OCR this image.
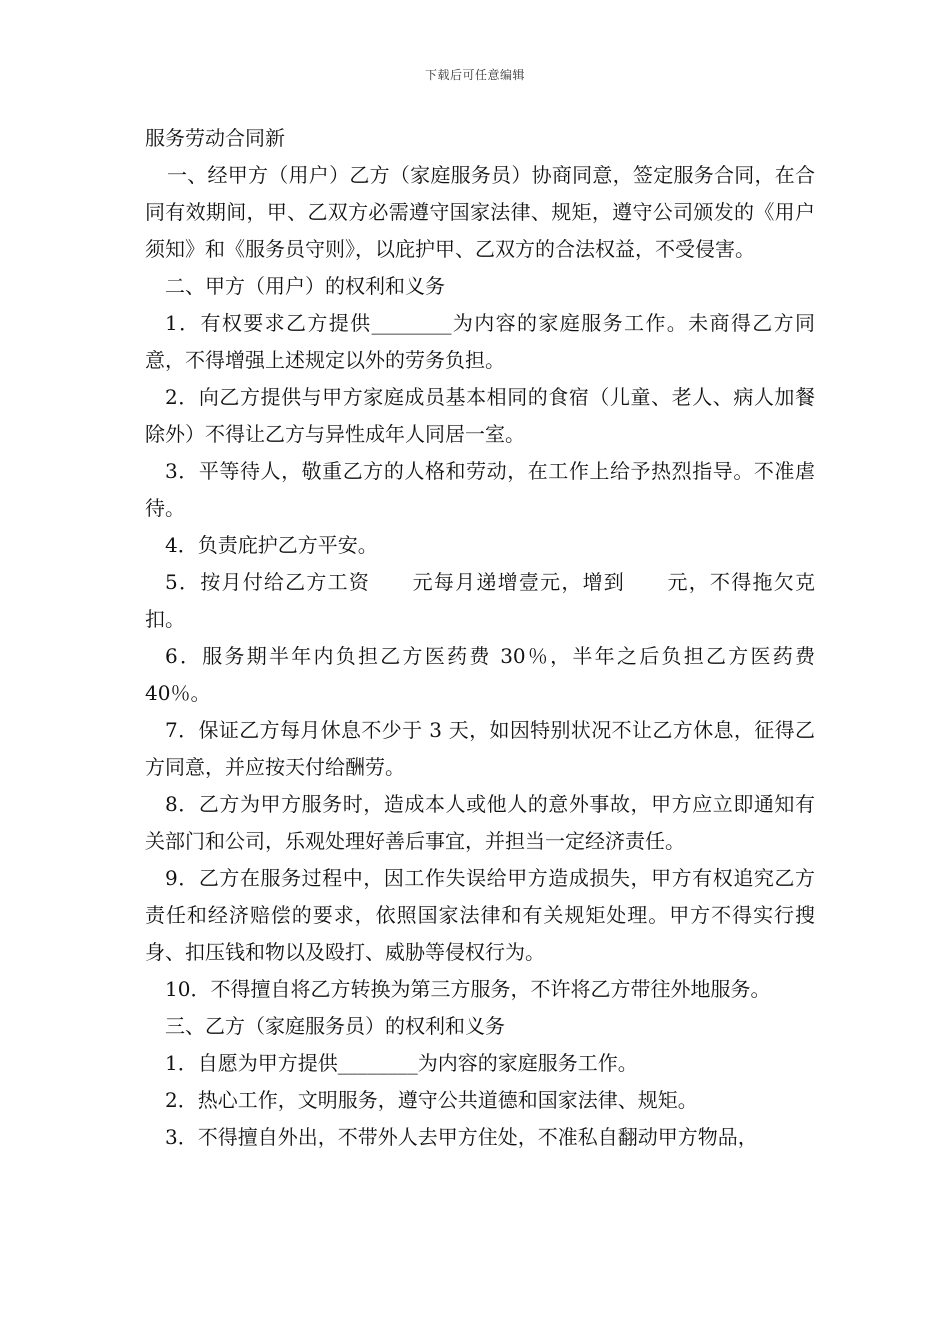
下载后可任意编辑
服务劳动合同新

一、经甲方（用户）乙方（家庭服务员）协商同意，签定服务合同，在合同有效期间，甲、乙双方必需遵守国家法律、规矩，遵守公司颁发的《用户须知》和《服务员守则》，以庇护甲、乙双方的合法权益，不受侵害。

二、甲方（用户）的权利和义务

1．有权要求乙方提供________为内容的家庭服务工作。未商得乙方同意，不得增强上述规定以外的劳务负担。

2．向乙方提供与甲方家庭成员基本相同的食宿（儿童、老人、病人加餐除外）不得让乙方与异性成年人同居一室。

3．平等待人，敬重乙方的人格和劳动，在工作上给予热烈指导。不准虐待。

4．负责庇护乙方平安。

5．按月付给乙方工资　　元每月递增壹元，增到　　元，不得拖欠克扣。

6．服务期半年内负担乙方医药费 30％，半年之后负担乙方医药费 40％。

7．保证乙方每月休息不少于 3 天，如因特别状况不让乙方休息，征得乙方同意，并应按天付给酬劳。

8．乙方为甲方服务时，造成本人或他人的意外事故，甲方应立即通知有关部门和公司，乐观处理好善后事宜，并担当一定经济责任。

9．乙方在服务过程中，因工作失误给甲方造成损失，甲方有权追究乙方责任和经济赔偿的要求，依照国家法律和有关规矩处理。甲方不得实行搜身、扣压钱和物以及殴打、威胁等侵权行为。

10．不得擅自将乙方转换为第三方服务，不许将乙方带往外地服务。

三、乙方（家庭服务员）的权利和义务

1．自愿为甲方提供________为内容的家庭服务工作。

2．热心工作，文明服务，遵守公共道德和国家法律、规矩。

3．不得擅自外出，不带外人去甲方住处，不准私自翻动甲方物品，
